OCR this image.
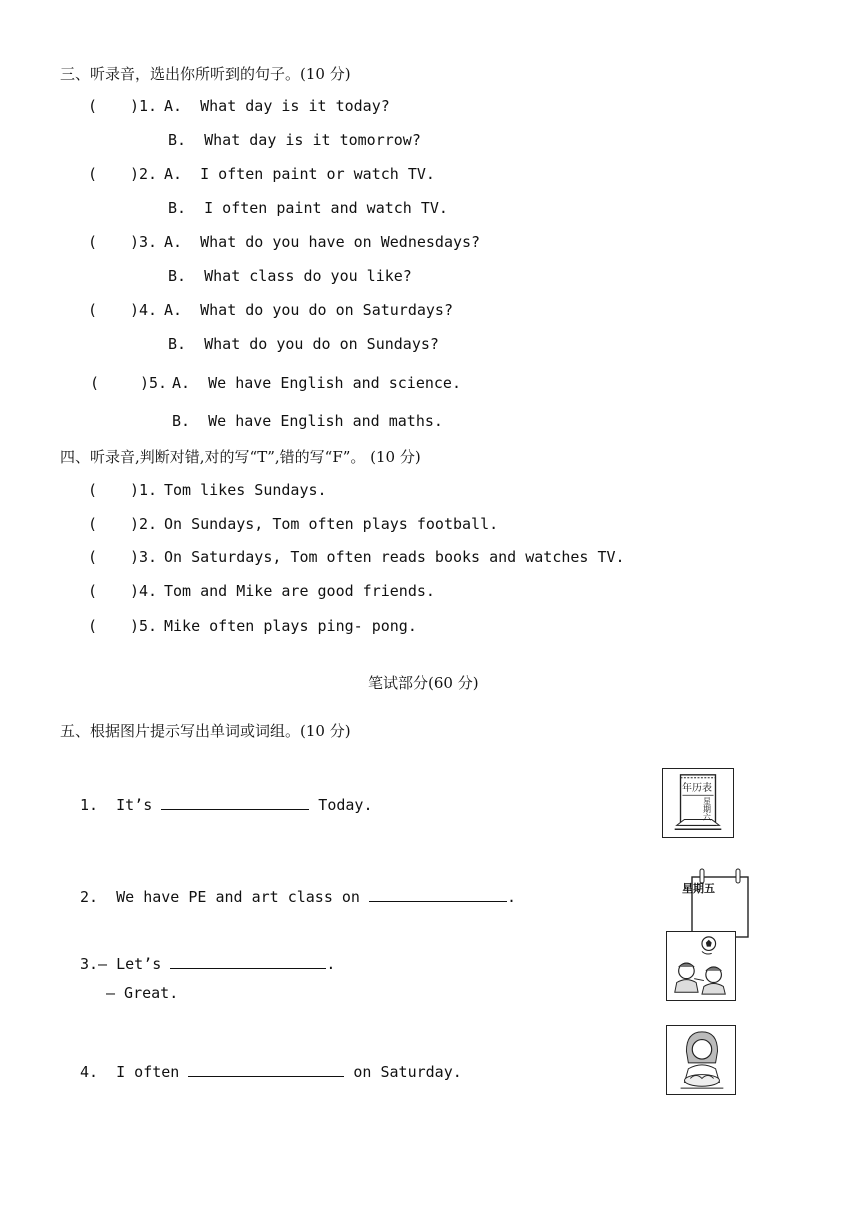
三、听录音，选出你所听到的句子。(10 分)
( )1. A.  What day is it today?
B.  What day is it tomorrow?
( )2. A.  I often paint or watch TV.
B.  I often paint and watch TV.
( )3. A.  What do you have on Wednesdays?
B.  What class do you like?
( )4. A.  What do you do on Saturdays?
B.  What do you do on Sundays?
(	)5. A.  We have English and science.
B.  We have English and maths.
四、听录音,判断对错,对的写“T”,错的写“F”。 (10 分)
( )1. Tom likes Sundays.
( )2. On Sundays, Tom often plays football.
( )3. On Saturdays, Tom often reads books and watches TV.
( )4. Tom and Mike are good friends.
( )5. Mike often plays ping- pong.
笔试部分(60 分)
五、根据图片提示写出单词或词组。(10 分)
1.  It’s	Today.
2.  We have PE and art class on	.
3.— Let’s	.
— Great.
4.  I often	on Saturday.
年历表
星期六

星期五
